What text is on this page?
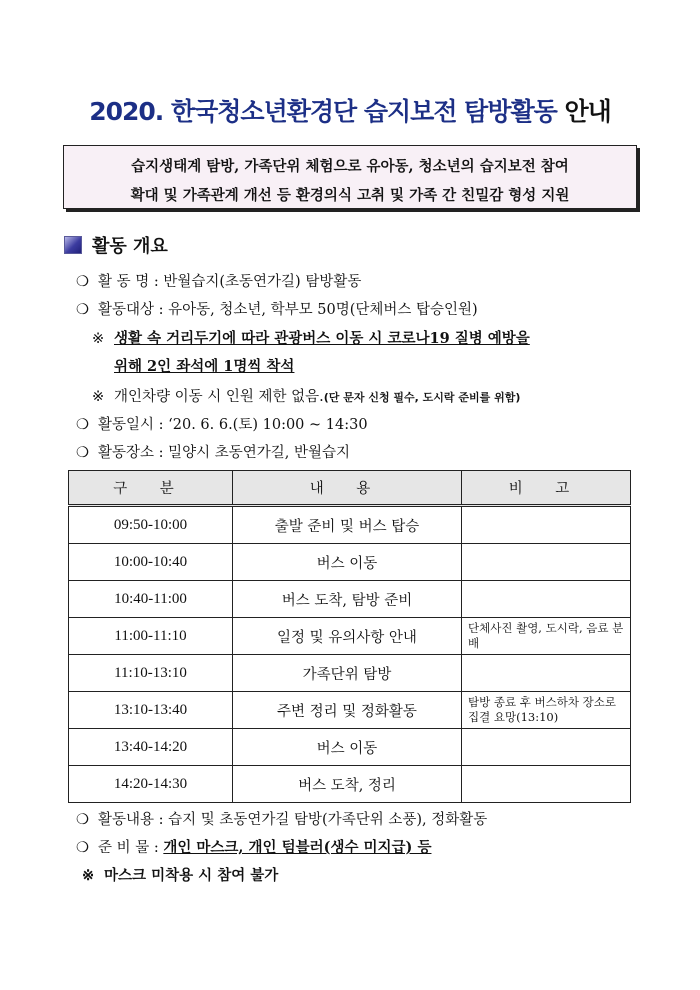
2020. 한국청소년환경단 습지보전 탐방활동 안내
습지생태계 탐방, 가족단위 체험으로 유아동, 청소년의 습지보전 참여
확대 및 가족관계 개선 등 환경의식 고취 및 가족 간 친밀감 형성 지원
활동 개요
❍ 활 동 명 : 반월습지(초동연가길) 탐방활동
❍ 활동대상 : 유아동, 청소년, 학부모 50명(단체버스 탑승인원)
※ 생활 속 거리두기에 따라 관광버스 이동 시 코로나19 질병 예방을
위해 2인 좌석에 1명씩 착석
※ 개인차량 이동 시 인원 제한 없음.(단 문자 신청 필수, 도시락 준비를 위함)
❍ 활동일시 : ‘20. 6. 6.(토) 10:00 ~ 14:30
❍ 활동장소 : 밀양시 초동연가길, 반월습지
구 분	내 용	비 고
09:50-10:00	출발 준비 및 버스 탑승	
10:00-10:40	버스 이동	
10:40-11:00	버스 도착, 탐방 준비	
11:00-11:10	일정 및 유의사항 안내	단체사진 촬영, 도시락, 음료 분배
11:10-13:10	가족단위 탐방	
13:10-13:40	주변 정리 및 정화활동	탐방 종료 후 버스하차 장소로 집결 요망(13:10)
13:40-14:20	버스 이동	
14:20-14:30	버스 도착, 정리	
❍ 활동내용 : 습지 및 초동연가길 탐방(가족단위 소풍), 정화활동
❍ 준 비 물 : 개인 마스크, 개인 텀블러(생수 미지급) 등
※ 마스크 미착용 시 참여 불가
